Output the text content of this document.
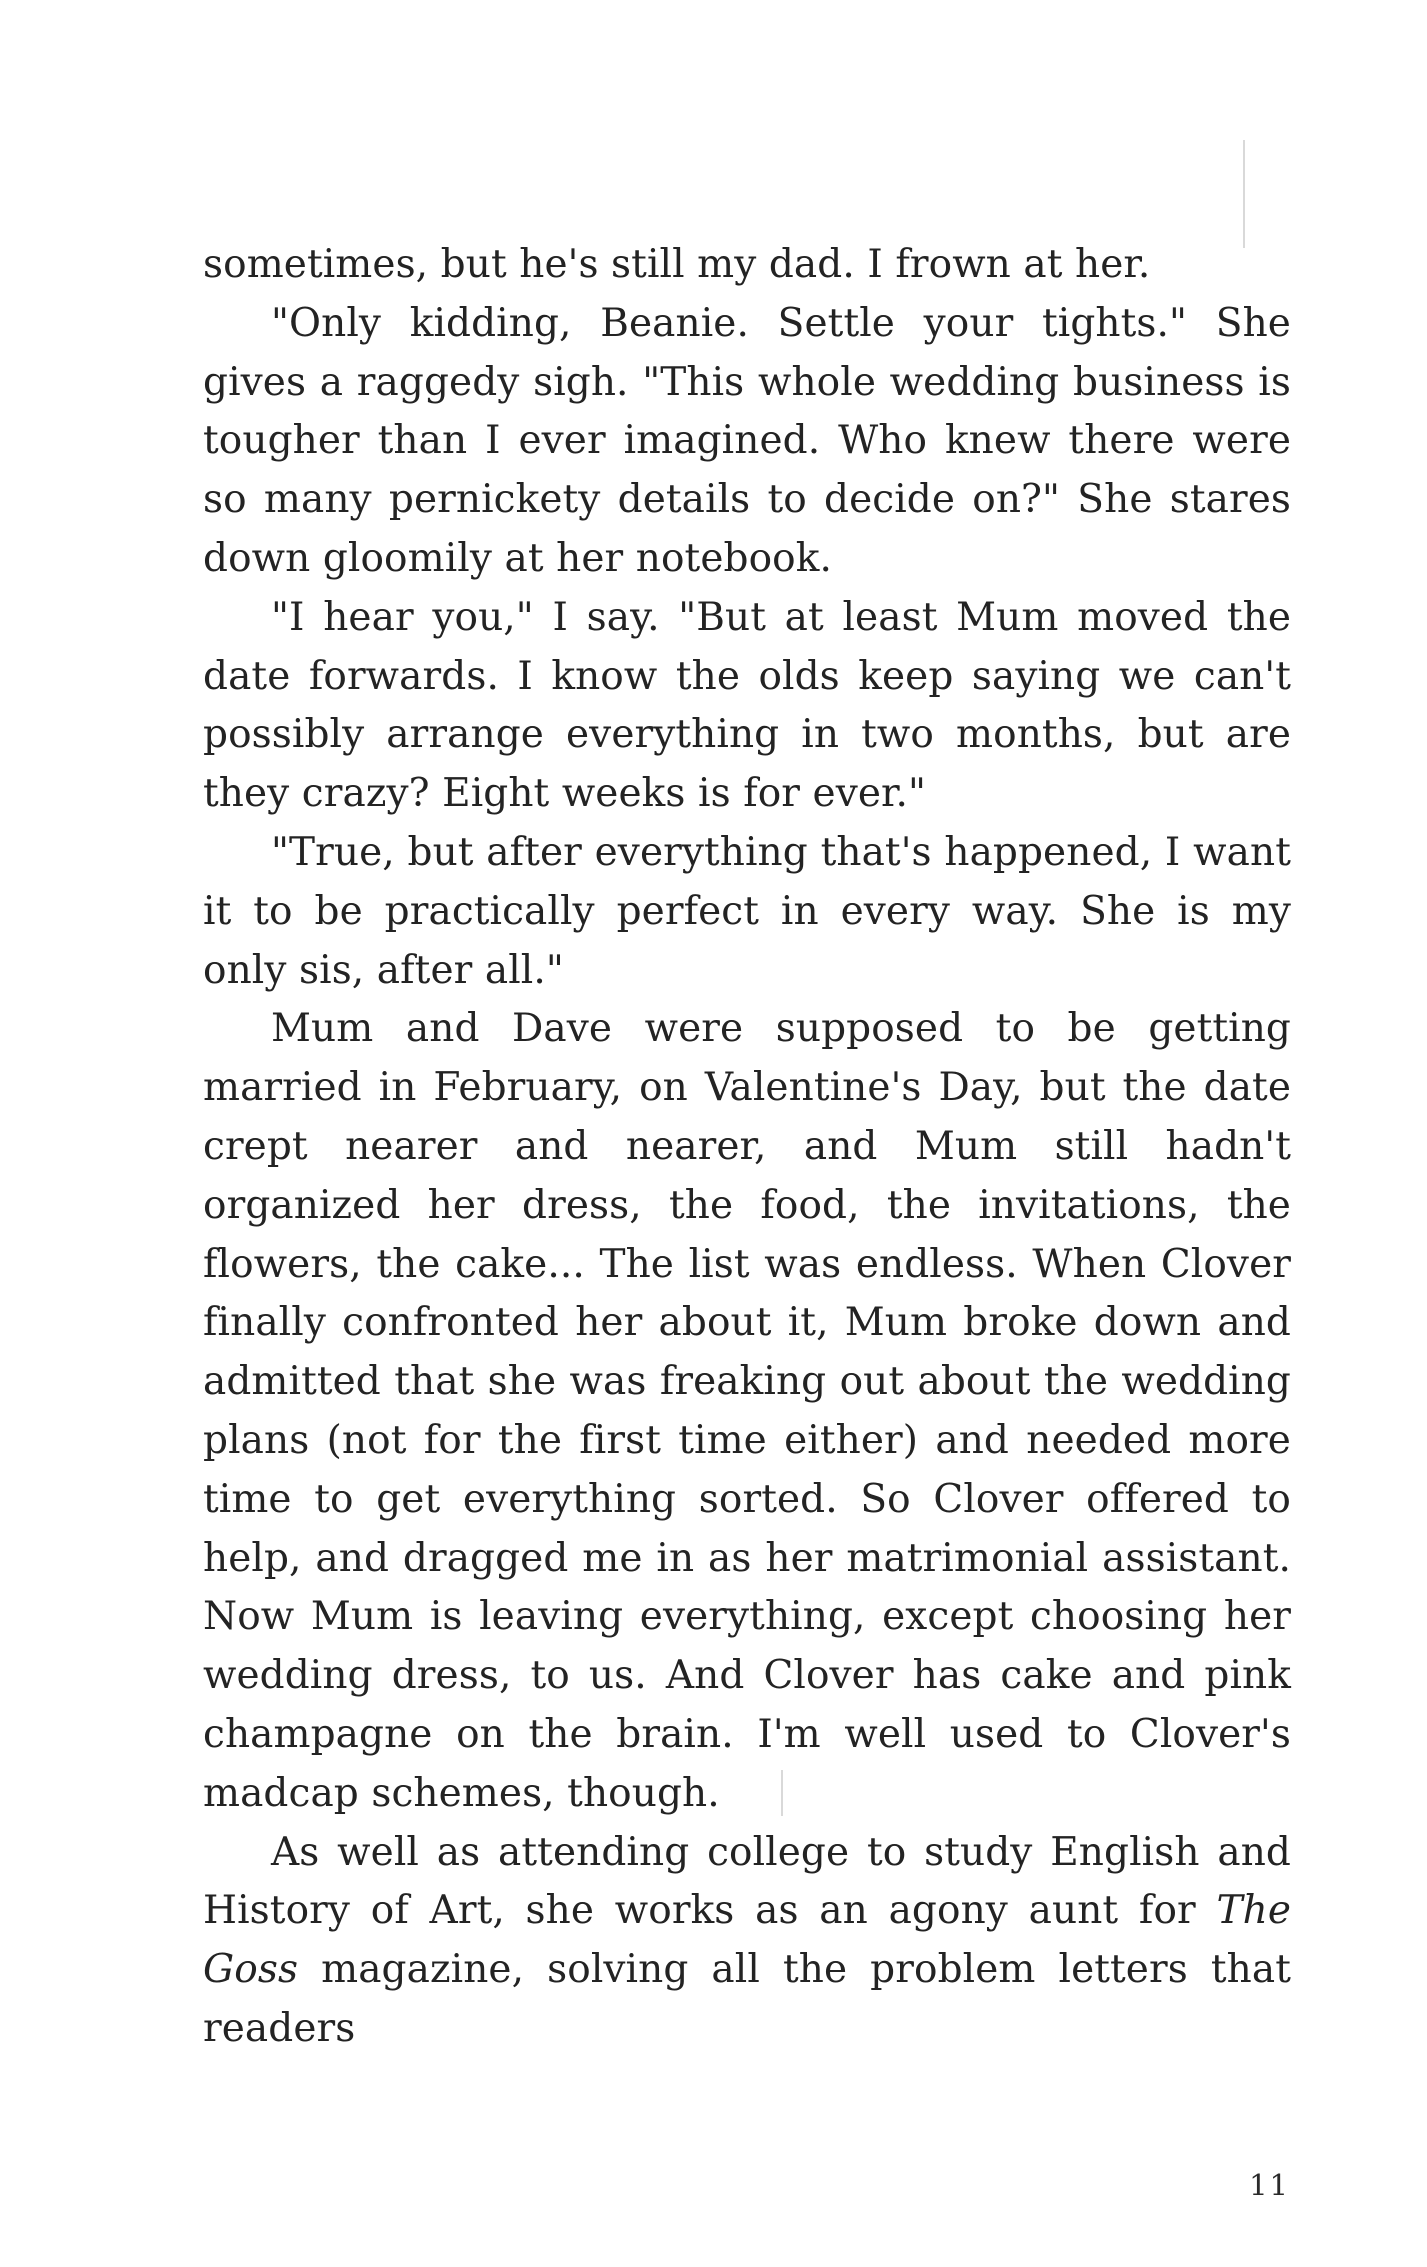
sometimes, but he's still my dad. I frown at her.

"Only kidding, Beanie. Settle your tights." She gives a raggedy sigh. "This whole wedding business is tougher than I ever imagined. Who knew there were so many pernickety details to decide on?" She stares down gloomily at her notebook.

"I hear you," I say. "But at least Mum moved the date forwards. I know the olds keep saying we can't possibly arrange everything in two months, but are they crazy? Eight weeks is for ever."

"True, but after everything that's happened, I want it to be practically perfect in every way. She is my only sis, after all."

Mum and Dave were supposed to be getting married in February, on Valentine's Day, but the date crept nearer and nearer, and Mum still hadn't organized her dress, the food, the invitations, the flowers, the cake... The list was endless. When Clover finally confronted her about it, Mum broke down and admitted that she was freaking out about the wedding plans (not for the first time either) and needed more time to get everything sorted. So Clover offered to help, and dragged me in as her matrimonial assistant. Now Mum is leaving everything, except choosing her wedding dress, to us. And Clover has cake and pink champagne on the brain. I'm well used to Clover's madcap schemes, though.

As well as attending college to study English and History of Art, she works as an agony aunt for The Goss magazine, solving all the problem letters that readers

11
